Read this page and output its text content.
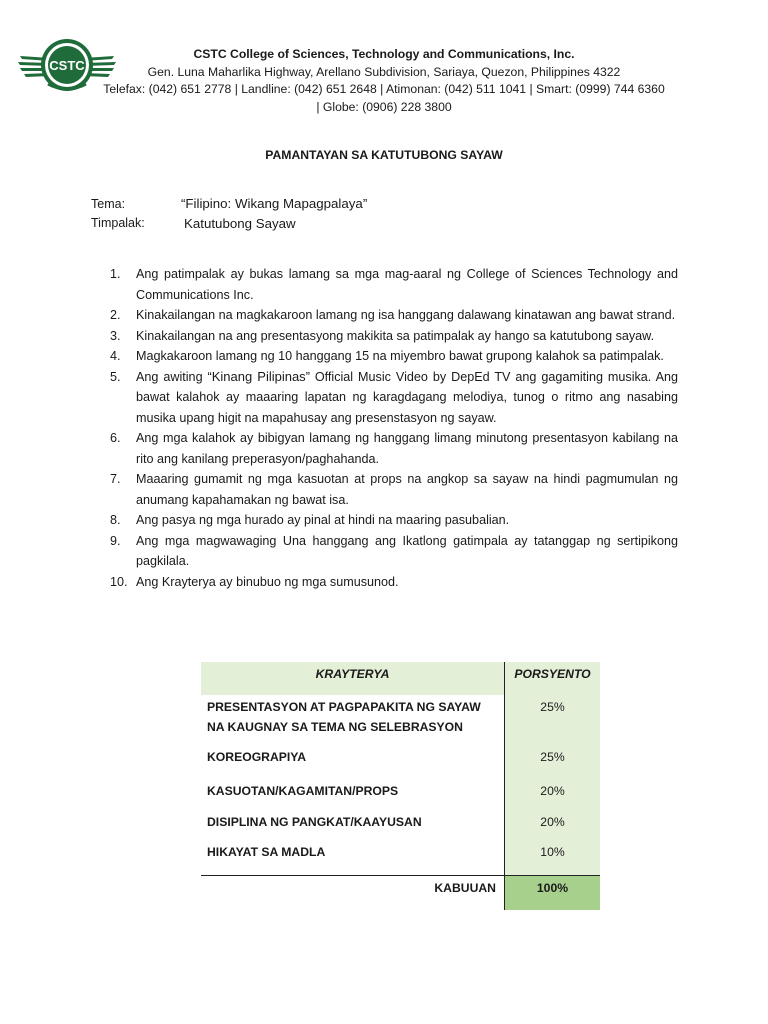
CSTC
CSTC College of Sciences, Technology and Communications, Inc.
Gen. Luna Maharlika Highway, Arellano Subdivision, Sariaya, Quezon, Philippines 4322
Telefax: (042) 651 2778 | Landline: (042) 651 2648 | Atimonan: (042) 511 1041 | Smart: (0999) 744 6360
| Globe: (0906) 228 3800
PAMANTAYAN SA KATUTUBONG SAYAW
Tema:	“Filipino: Wikang Mapagpalaya”
Timpalak:	Katutubong Sayaw
1.	Ang patimpalak ay bukas lamang sa mga mag-aaral ng College of Sciences Technology and Communications Inc.
2.	Kinakailangan na magkakaroon lamang ng isa hanggang dalawang kinatawan ang bawat strand.
3.	Kinakailangan na ang presentasyong makikita sa patimpalak ay hango sa katutubong sayaw.
4.	Magkakaroon lamang ng 10 hanggang 15 na miyembro bawat grupong kalahok sa patimpalak.
5.	Ang awiting “Kinang Pilipinas” Official Music Video by DepEd TV ang gagamiting musika. Ang bawat kalahok ay maaaring lapatan ng karagdagang melodiya, tunog o ritmo ang nasabing musika upang higit na mapahusay ang presenstasyon ng sayaw.
6.	Ang mga kalahok ay bibigyan lamang ng hanggang limang minutong presentasyon kabilang na rito ang kanilang preperasyon/paghahanda.
7.	Maaaring gumamit ng mga kasuotan at props na angkop sa sayaw na hindi pagmumulan ng anumang kapahamakan ng bawat isa.
8.	Ang pasya ng mga hurado ay pinal at hindi na maaring pasubalian.
9.	Ang mga magwawaging Una hanggang ang Ikatlong gatimpala ay tatanggap ng sertipikong pagkilala.
10. Ang Krayterya ay binubuo ng mga sumusunod.
KRAYTERYA	PORSYENTO

PRESENTASYON AT PAGPAPAKITA NG SAYAW
NA KAUGNAY SA TEMA NG SELEBRASYON	25%
KOREOGRAPIYA	25%
KASUOTAN/KAGAMITAN/PROPS	20%
DISIPLINA NG PANGKAT/KAAYUSAN	20%
HIKAYAT SA MADLA	10%
KABUUAN	100%
